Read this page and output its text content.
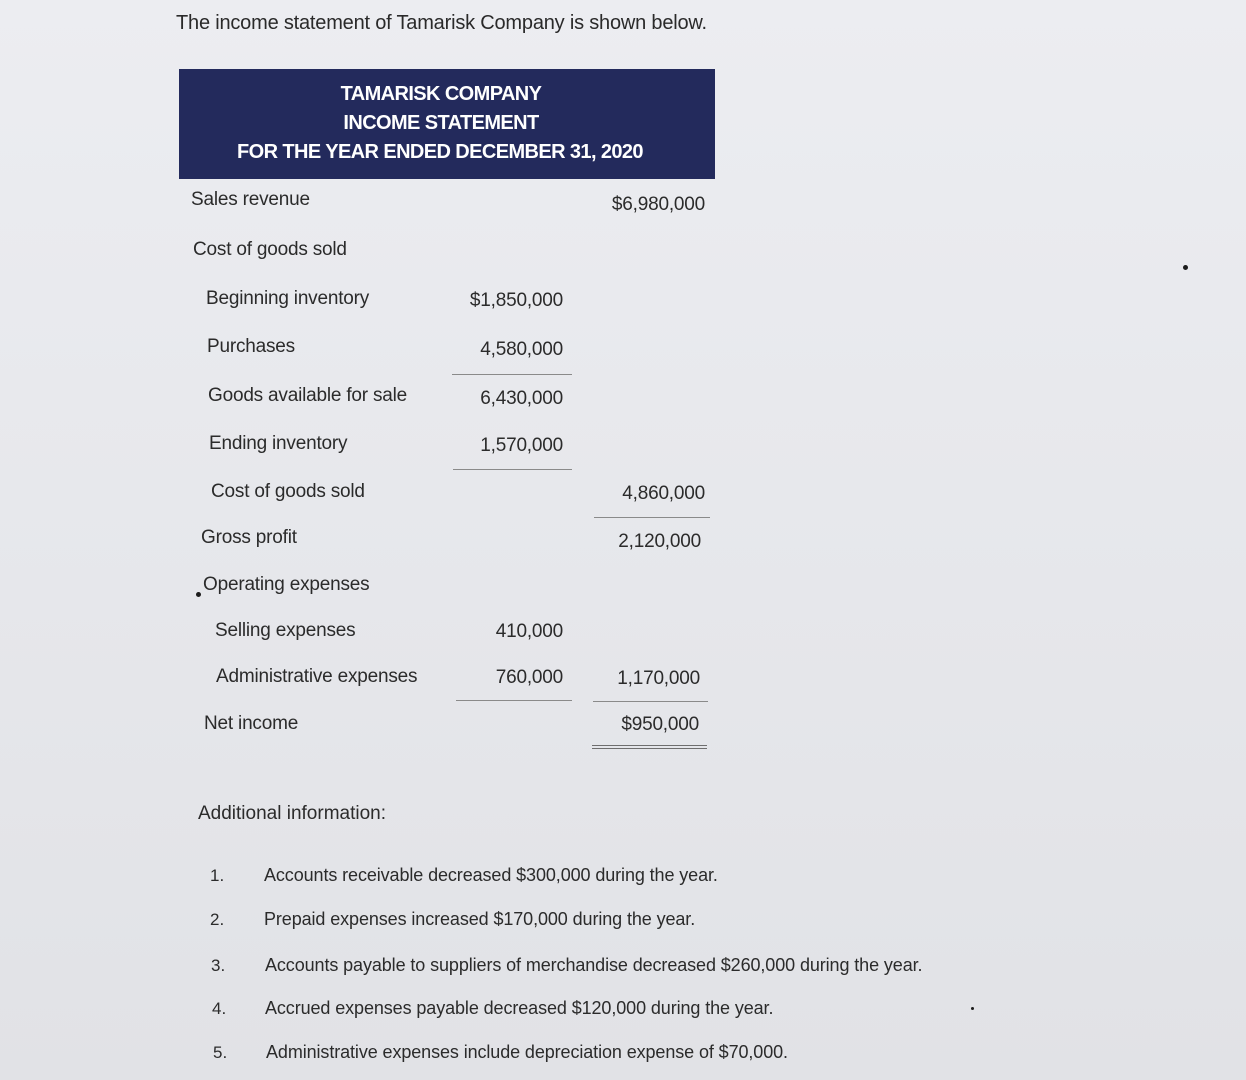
The income statement of Tamarisk Company is shown below.
TAMARISK COMPANY
INCOME STATEMENT
FOR THE YEAR ENDED DECEMBER 31, 2020
Sales revenue	$6,980,000
Cost of goods sold
Beginning inventory	$1,850,000
Purchases	4,580,000
Goods available for sale	6,430,000
Ending inventory	1,570,000
Cost of goods sold	4,860,000
Gross profit	2,120,000
Operating expenses
Selling expenses	410,000
Administrative expenses	760,000	1,170,000
Net income	$950,000
Additional information:
1. Accounts receivable decreased $300,000 during the year.
2. Prepaid expenses increased $170,000 during the year.
3. Accounts payable to suppliers of merchandise decreased $260,000 during the year.
4. Accrued expenses payable decreased $120,000 during the year.
5. Administrative expenses include depreciation expense of $70,000.
